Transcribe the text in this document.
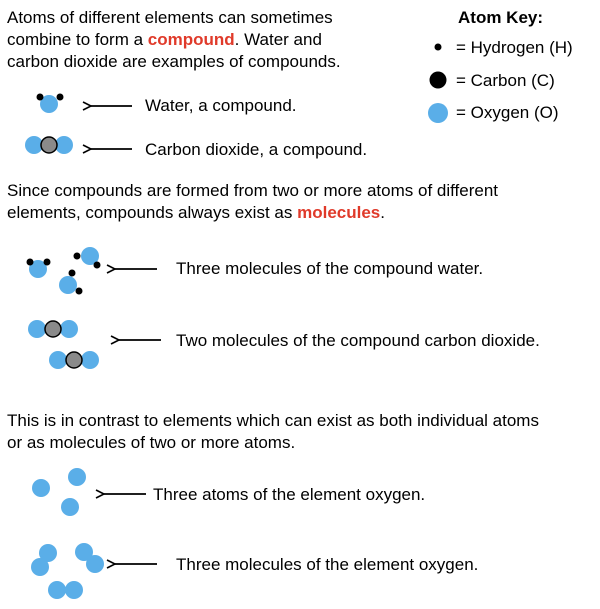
Atoms of different elements can sometimes
combine to form a compound. Water and
carbon dioxide are examples of compounds.
Atom Key:
= Hydrogen (H)
= Carbon (C)
= Oxygen (O)
Water, a compound.
Carbon dioxide, a compound.
Since compounds are formed from two or more atoms of different
elements, compounds always exist as molecules.
Three molecules of the compound water.
Two molecules of the compound carbon dioxide.
This is in contrast to elements which can exist as both individual atoms
or as molecules of two or more atoms.
Three atoms of the element oxygen.
Three molecules of the element oxygen.
